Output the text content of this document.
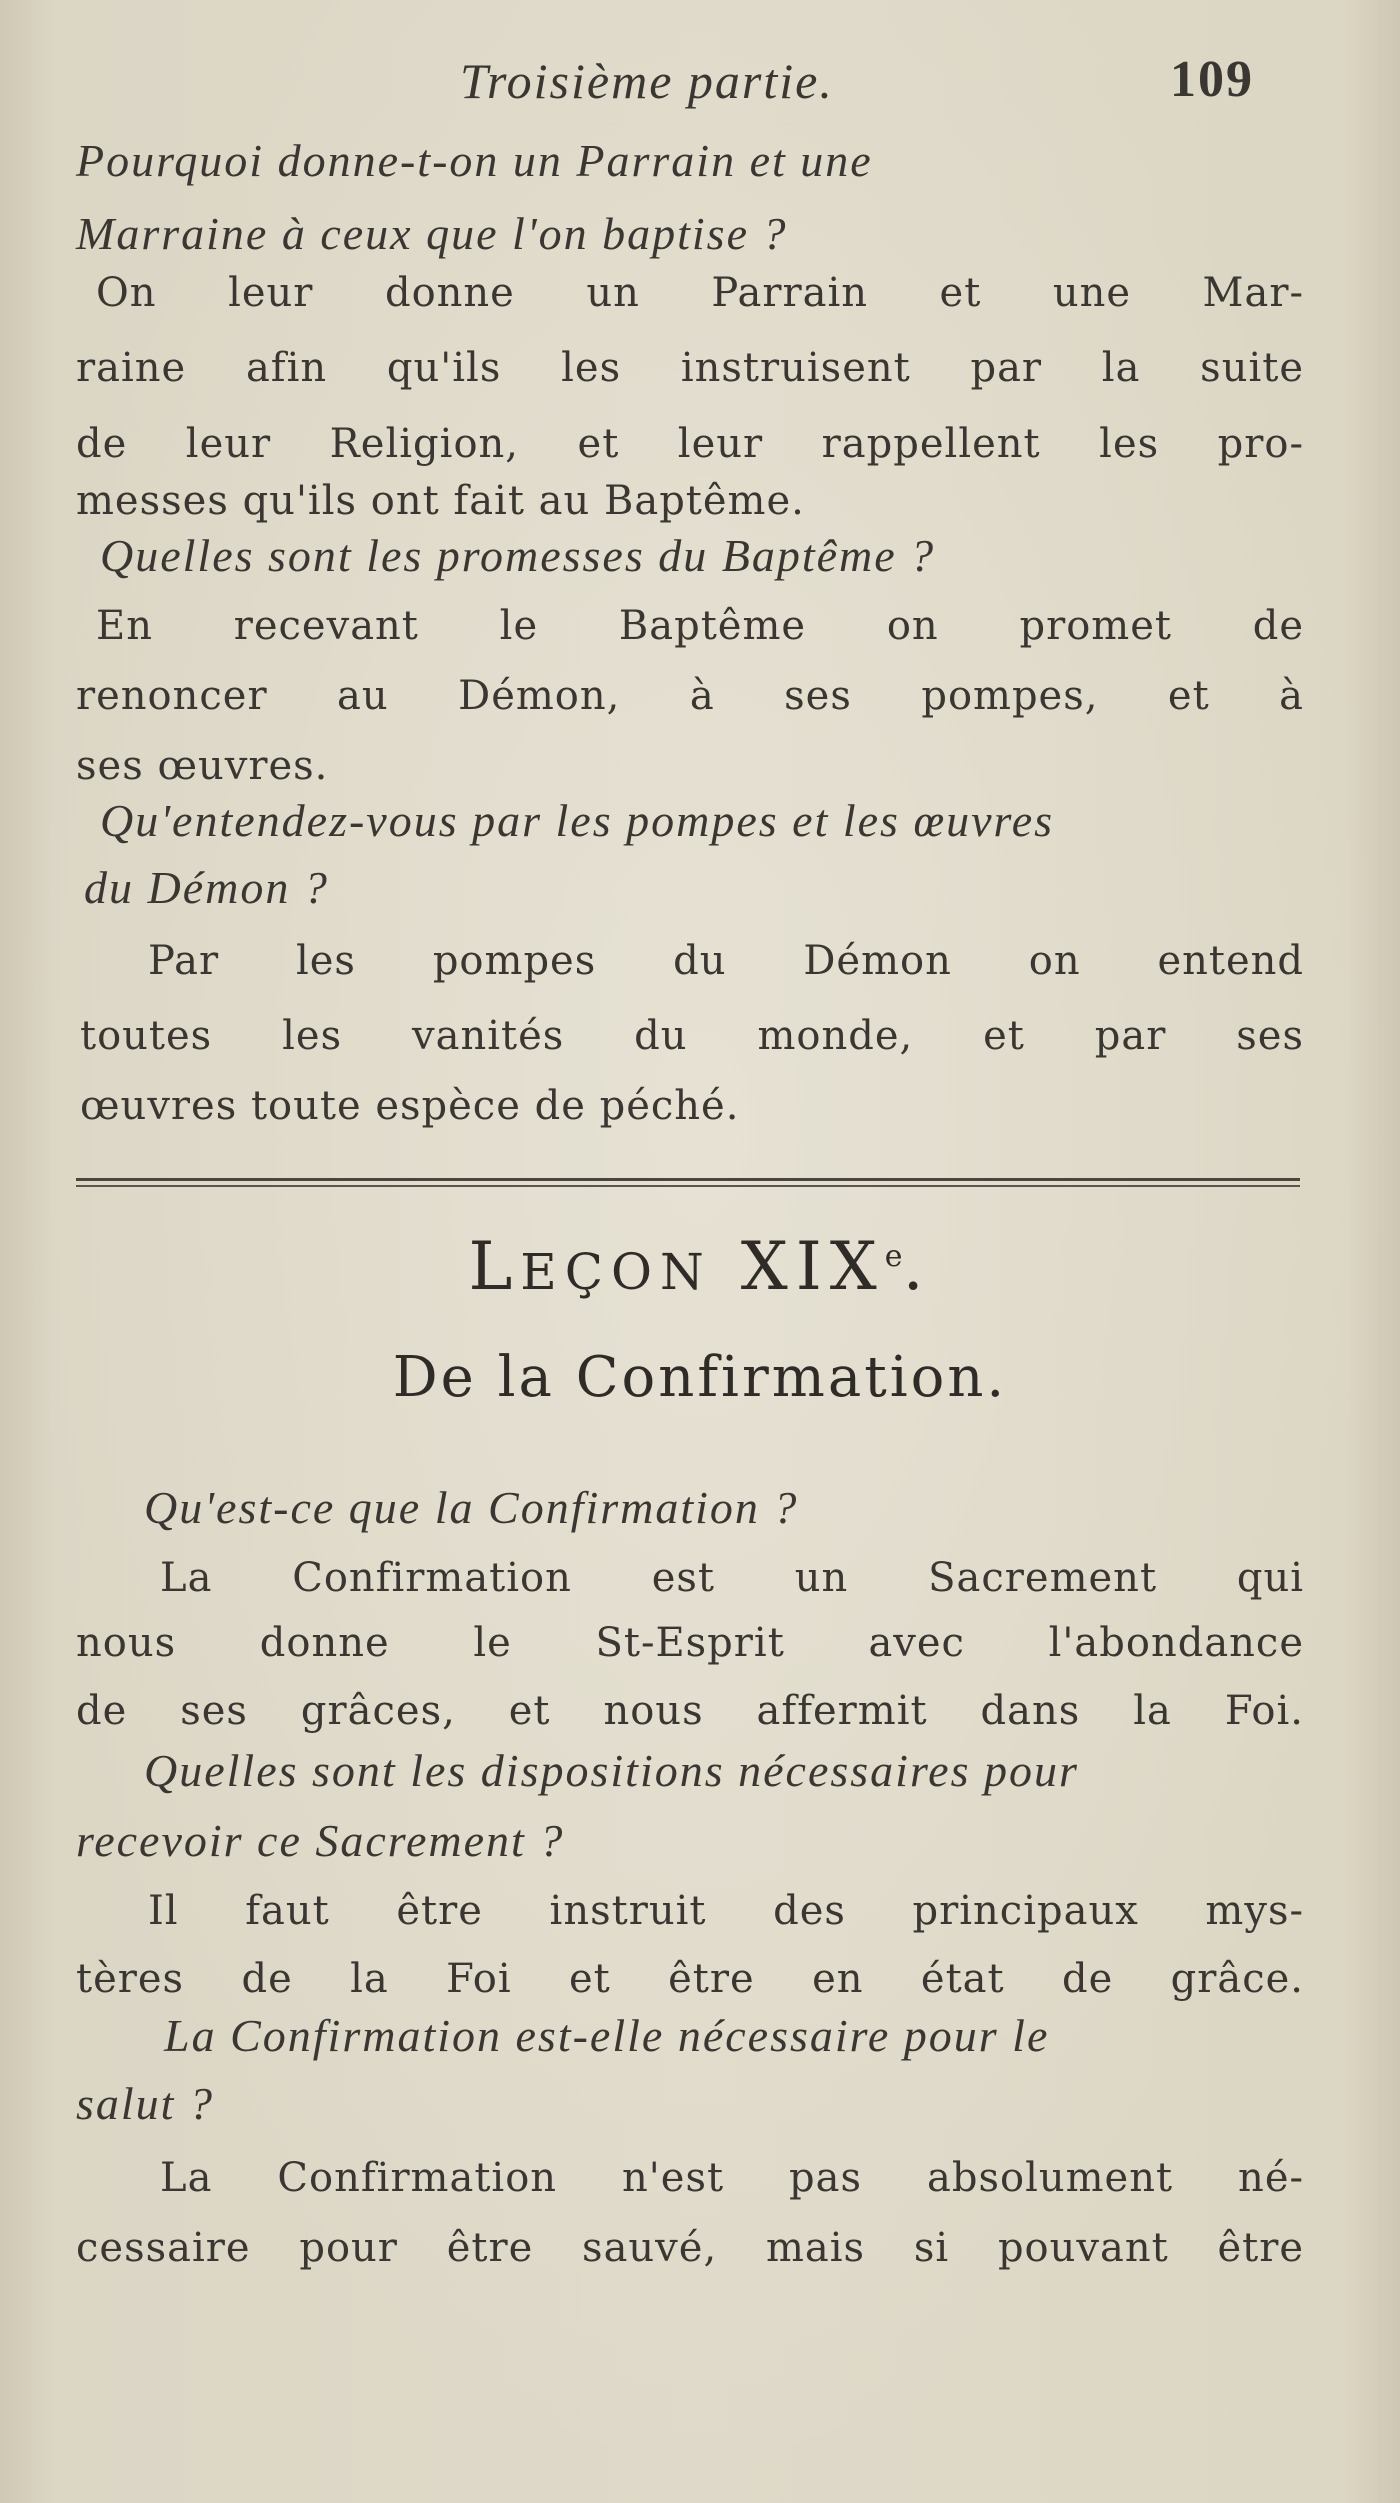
Troisième partie.	109
Pourquoi donne-t-on un Parrain et une
Marraine à ceux que l'on baptise ?
On leur donne un Parrain et une Mar-
raine afin qu'ils les instruisent par la suite
de leur Religion, et leur rappellent les pro-
messes qu'ils ont fait au Baptême.
Quelles sont les promesses du Baptême ?
En recevant le Baptême on promet de
renoncer au Démon, à ses pompes, et à
ses œuvres.
Qu'entendez-vous par les pompes et les œuvres
du Démon ?
Par les pompes du Démon on entend
toutes les vanités du monde, et par ses
œuvres toute espèce de péché.
LEÇON XIXe.
De la Confirmation.
Qu'est-ce que la Confirmation ?
La Confirmation est un Sacrement qui
nous donne le St-Esprit avec l'abondance
de ses grâces, et nous affermit dans la Foi.
Quelles sont les dispositions nécessaires pour
recevoir ce Sacrement ?
Il faut être instruit des principaux mys-
tères de la Foi et être en état de grâce.
La Confirmation est-elle nécessaire pour le
salut ?
La Confirmation n'est pas absolument né-
cessaire pour être sauvé, mais si pouvant être
